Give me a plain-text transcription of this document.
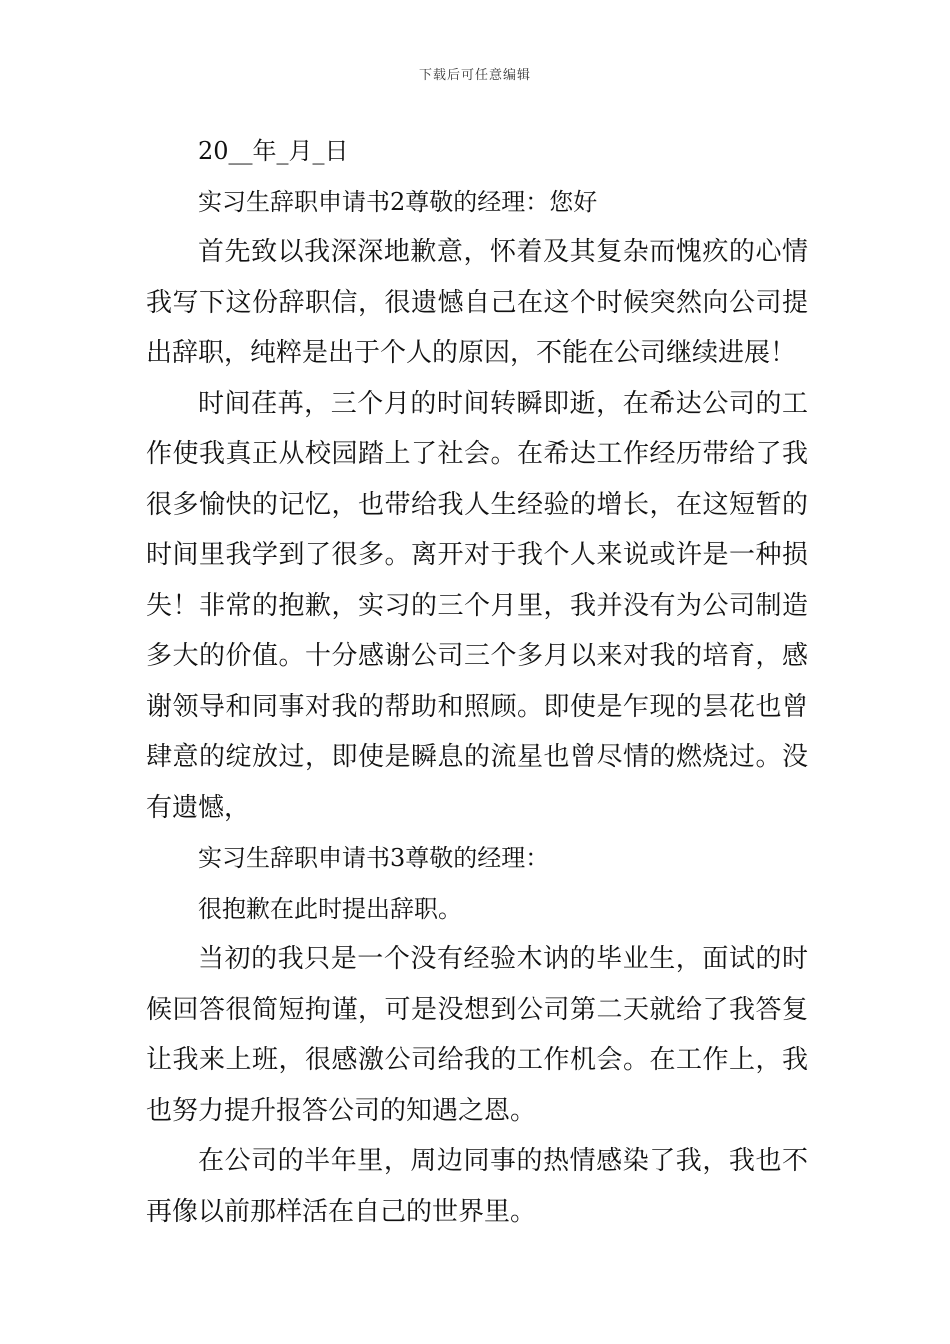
下载后可任意编辑

20__年_月_日

实习生辞职申请书2尊敬的经理：您好

首先致以我深深地歉意，怀着及其复杂而愧疚的心情我写下这份辞职信，很遗憾自己在这个时候突然向公司提出辞职，纯粹是出于个人的原因，不能在公司继续进展！

时间荏苒，三个月的时间转瞬即逝，在希达公司的工作使我真正从校园踏上了社会。在希达工作经历带给了我很多愉快的记忆，也带给我人生经验的增长，在这短暂的时间里我学到了很多。离开对于我个人来说或许是一种损失！非常的抱歉，实习的三个月里，我并没有为公司制造多大的价值。十分感谢公司三个多月以来对我的培育，感谢领导和同事对我的帮助和照顾。即使是乍现的昙花也曾肆意的绽放过，即使是瞬息的流星也曾尽情的燃烧过。没有遗憾，

实习生辞职申请书3尊敬的经理：

很抱歉在此时提出辞职。

当初的我只是一个没有经验木讷的毕业生，面试的时候回答很简短拘谨，可是没想到公司第二天就给了我答复让我来上班，很感激公司给我的工作机会。在工作上，我也努力提升报答公司的知遇之恩。

在公司的半年里，周边同事的热情感染了我，我也不再像以前那样活在自己的世界里。
